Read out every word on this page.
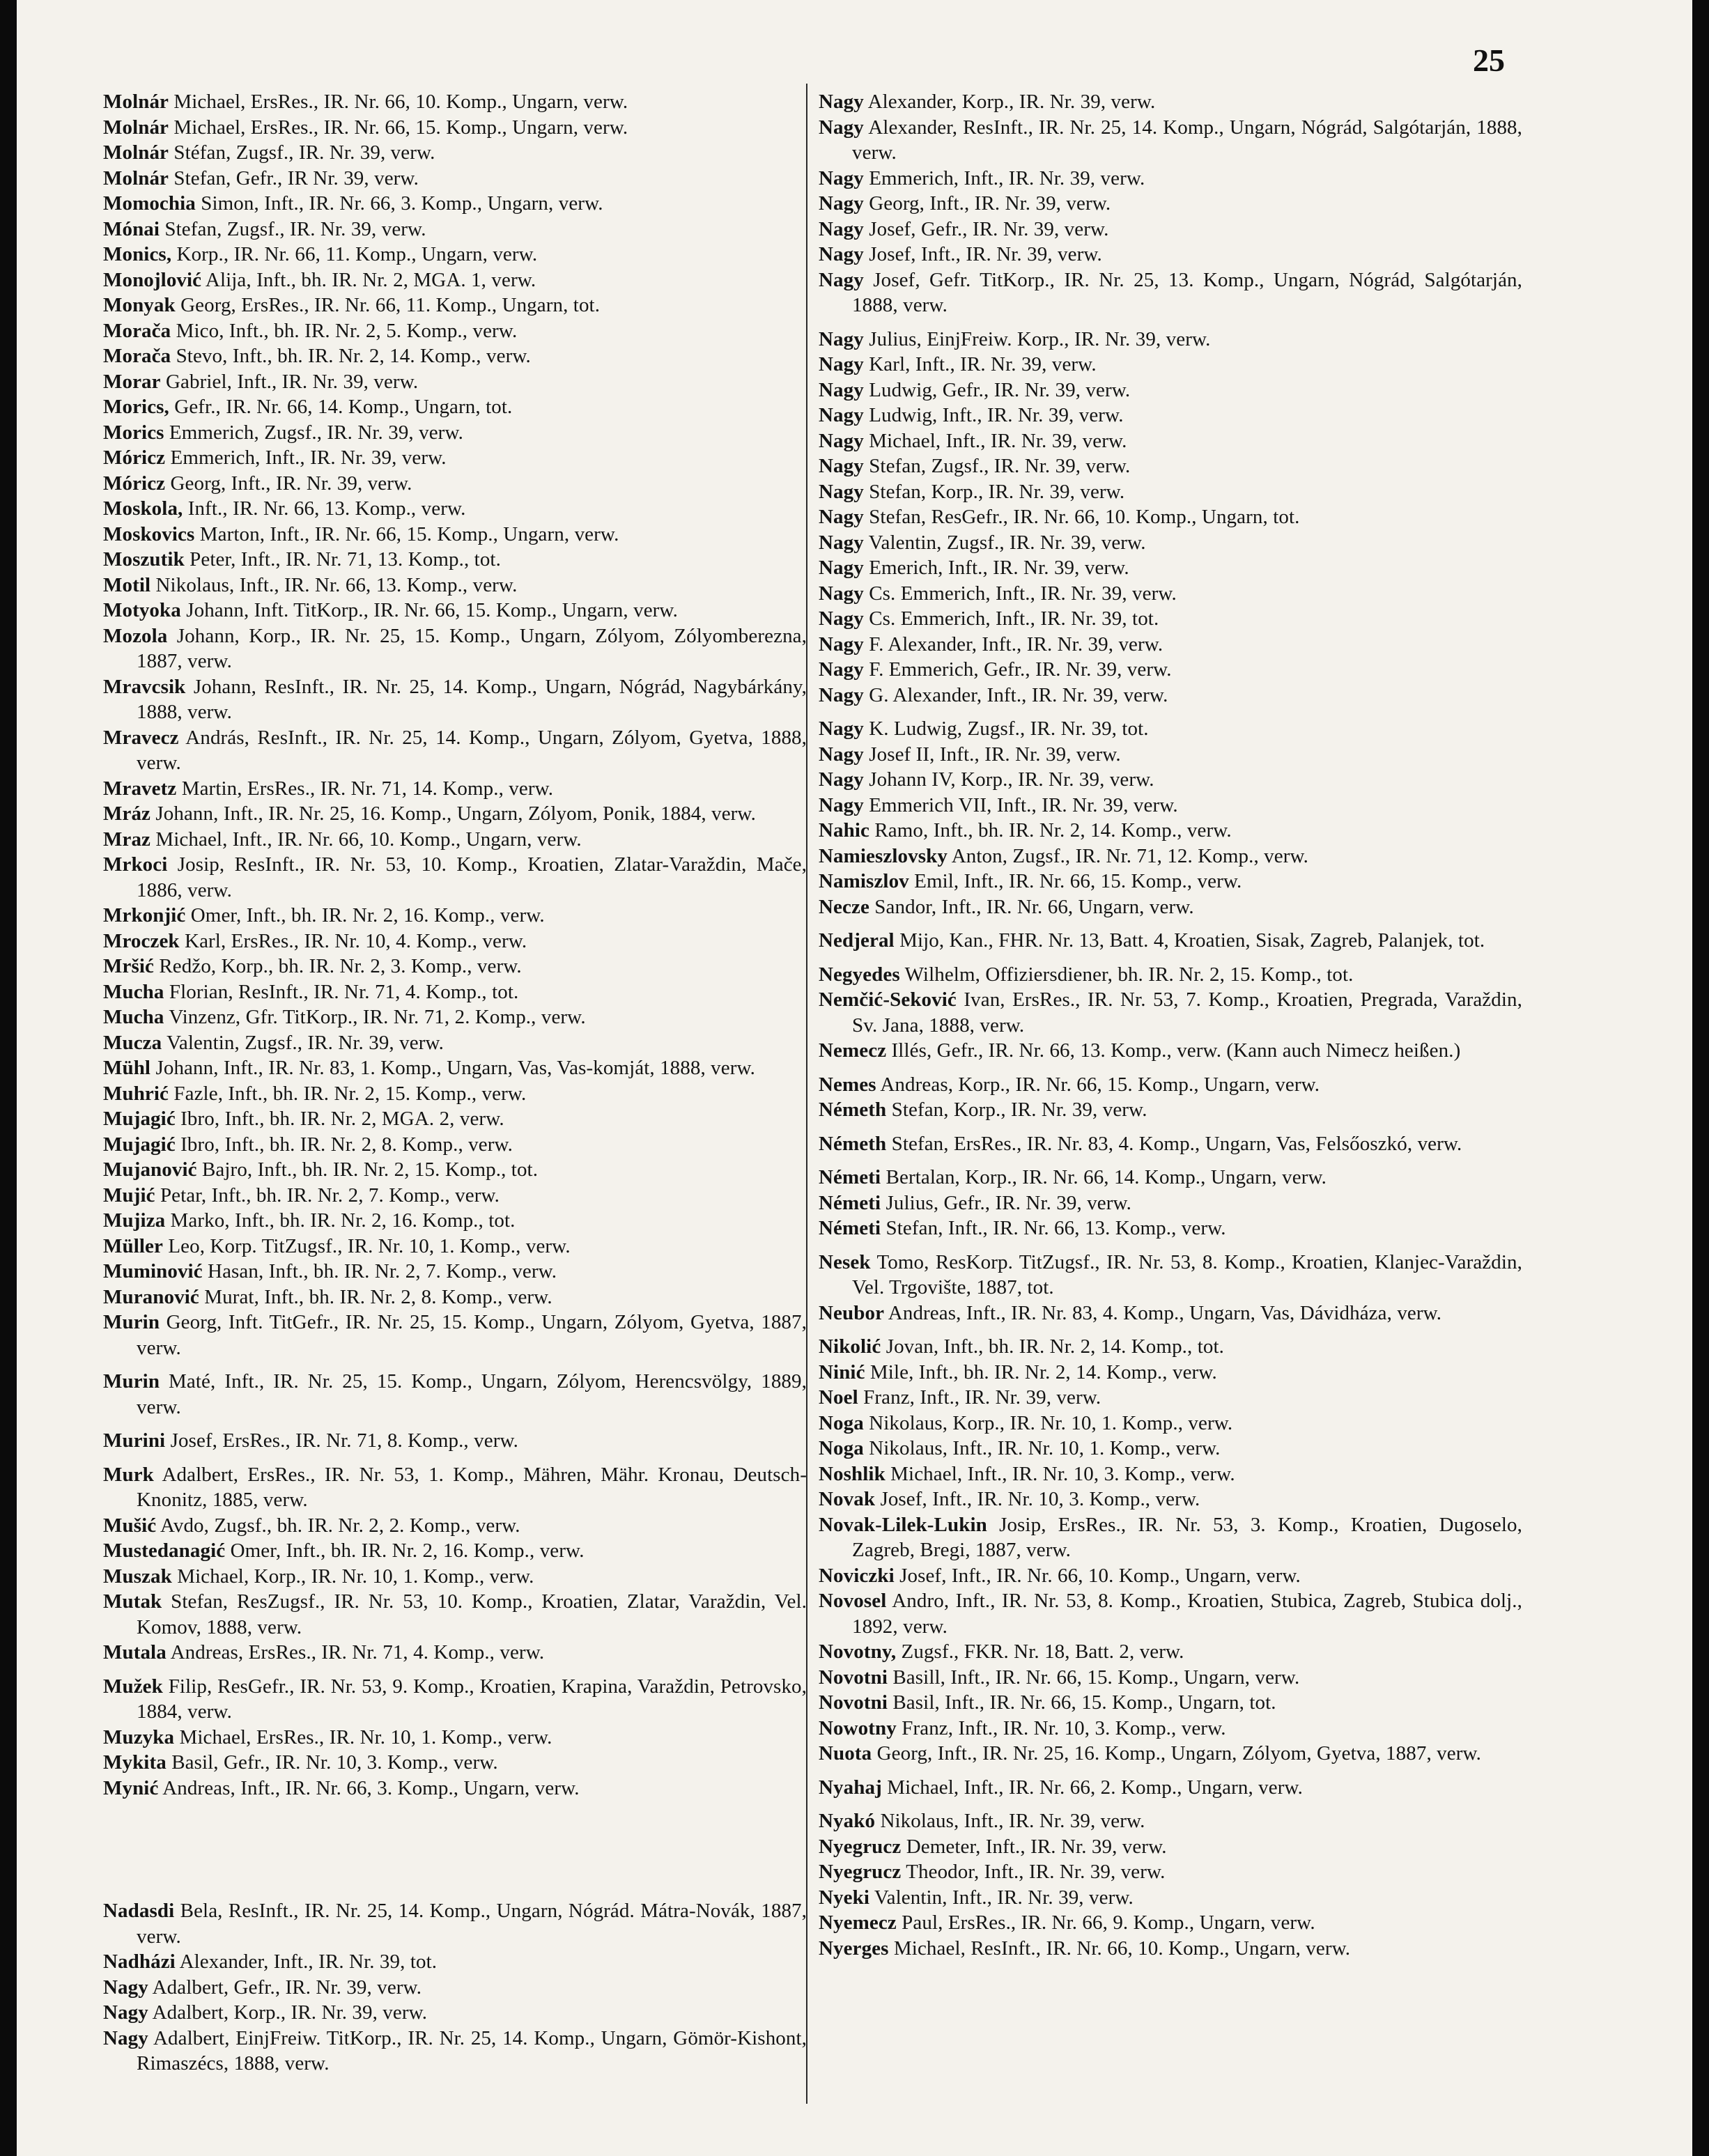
25
Molnár Michael, ErsRes., IR. Nr. 66, 10. Komp., Ungarn, verw.
Molnár Michael, ErsRes., IR. Nr. 66, 15. Komp., Ungarn, verw.
Molnár Stéfan, Zugsf., IR. Nr. 39, verw.
Molnár Stefan, Gefr., IR Nr. 39, verw.
Momochia Simon, Inft., IR. Nr. 66, 3. Komp., Ungarn, verw.
Mónai Stefan, Zugsf., IR. Nr. 39, verw.
Monics, Korp., IR. Nr. 66, 11. Komp., Ungarn, verw.
Monojlović Alija, Inft., bh. IR. Nr. 2, MGA. 1, verw.
Monyak Georg, ErsRes., IR. Nr. 66, 11. Komp., Ungarn, tot.
Morača Mico, Inft., bh. IR. Nr. 2, 5. Komp., verw.
Morača Stevo, Inft., bh. IR. Nr. 2, 14. Komp., verw.
Morar Gabriel, Inft., IR. Nr. 39, verw.
Morics, Gefr., IR. Nr. 66, 14. Komp., Ungarn, tot.
Morics Emmerich, Zugsf., IR. Nr. 39, verw.
Móricz Emmerich, Inft., IR. Nr. 39, verw.
Móricz Georg, Inft., IR. Nr. 39, verw.
Moskola, Inft., IR. Nr. 66, 13. Komp., verw.
Moskovics Marton, Inft., IR. Nr. 66, 15. Komp., Ungarn, verw.
Moszutik Peter, Inft., IR. Nr. 71, 13. Komp., tot.
Motil Nikolaus, Inft., IR. Nr. 66, 13. Komp., verw.
Motyoka Johann, Inft. TitKorp., IR. Nr. 66, 15. Komp., Ungarn, verw.
Mozola Johann, Korp., IR. Nr. 25, 15. Komp., Ungarn, Zólyom, Zólyomberezna, 1887, verw.
Mravcsik Johann, ResInft., IR. Nr. 25, 14. Komp., Ungarn, Nógrád, Nagybárkány, 1888, verw.
Mravecz András, ResInft., IR. Nr. 25, 14. Komp., Ungarn, Zólyom, Gyetva, 1888, verw.
Mravetz Martin, ErsRes., IR. Nr. 71, 14. Komp., verw.
Mráz Johann, Inft., IR. Nr. 25, 16. Komp., Ungarn, Zólyom, Ponik, 1884, verw.
Mraz Michael, Inft., IR. Nr. 66, 10. Komp., Ungarn, verw.
Mrkoci Josip, ResInft., IR. Nr. 53, 10. Komp., Kroatien, Zlatar-Varaždin, Mače, 1886, verw.
Mrkonjić Omer, Inft., bh. IR. Nr. 2, 16. Komp., verw.
Mroczek Karl, ErsRes., IR. Nr. 10, 4. Komp., verw.
Mršić Redžo, Korp., bh. IR. Nr. 2, 3. Komp., verw.
Mucha Florian, ResInft., IR. Nr. 71, 4. Komp., tot.
Mucha Vinzenz, Gfr. TitKorp., IR. Nr. 71, 2. Komp., verw.
Mucza Valentin, Zugsf., IR. Nr. 39, verw.
Mühl Johann, Inft., IR. Nr. 83, 1. Komp., Ungarn, Vas, Vas-komját, 1888, verw.
Muhrić Fazle, Inft., bh. IR. Nr. 2, 15. Komp., verw.
Mujagić Ibro, Inft., bh. IR. Nr. 2, MGA. 2, verw.
Mujagić Ibro, Inft., bh. IR. Nr. 2, 8. Komp., verw.
Mujanović Bajro, Inft., bh. IR. Nr. 2, 15. Komp., tot.
Mujić Petar, Inft., bh. IR. Nr. 2, 7. Komp., verw.
Mujiza Marko, Inft., bh. IR. Nr. 2, 16. Komp., tot.
Müller Leo, Korp. TitZugsf., IR. Nr. 10, 1. Komp., verw.
Muminović Hasan, Inft., bh. IR. Nr. 2, 7. Komp., verw.
Muranović Murat, Inft., bh. IR. Nr. 2, 8. Komp., verw.
Murin Georg, Inft. TitGefr., IR. Nr. 25, 15. Komp., Ungarn, Zólyom, Gyetva, 1887, verw.
Murin Maté, Inft., IR. Nr. 25, 15. Komp., Ungarn, Zólyom, Herencsvölgy, 1889, verw.
Murini Josef, ErsRes., IR. Nr. 71, 8. Komp., verw.
Murk Adalbert, ErsRes., IR. Nr. 53, 1. Komp., Mähren, Mähr. Kronau, Deutsch-Knonitz, 1885, verw.
Mušić Avdo, Zugsf., bh. IR. Nr. 2, 2. Komp., verw.
Mustedanagić Omer, Inft., bh. IR. Nr. 2, 16. Komp., verw.
Muszak Michael, Korp., IR. Nr. 10, 1. Komp., verw.
Mutak Stefan, ResZugsf., IR. Nr. 53, 10. Komp., Kroatien, Zlatar, Varaždin, Vel. Komov, 1888, verw.
Mutala Andreas, ErsRes., IR. Nr. 71, 4. Komp., verw.
Mužek Filip, ResGefr., IR. Nr. 53, 9. Komp., Kroatien, Krapina, Varaždin, Petrovsko, 1884, verw.
Muzyka Michael, ErsRes., IR. Nr. 10, 1. Komp., verw.
Mykita Basil, Gefr., IR. Nr. 10, 3. Komp., verw.
Mynić Andreas, Inft., IR. Nr. 66, 3. Komp., Ungarn, verw.
Nadasdi Bela, ResInft., IR. Nr. 25, 14. Komp., Ungarn, Nógrád. Mátra-Novák, 1887, verw.
Nadházi Alexander, Inft., IR. Nr. 39, tot.
Nagy Adalbert, Gefr., IR. Nr. 39, verw.
Nagy Adalbert, Korp., IR. Nr. 39, verw.
Nagy Adalbert, EinjFreiw. TitKorp., IR. Nr. 25, 14. Komp., Ungarn, Gömör-Kishont, Rimaszécs, 1888, verw.
Nagy Alexander, Korp., IR. Nr. 39, verw.
Nagy Alexander, ResInft., IR. Nr. 25, 14. Komp., Ungarn, Nógrád, Salgótarján, 1888, verw.
Nagy Emmerich, Inft., IR. Nr. 39, verw.
Nagy Georg, Inft., IR. Nr. 39, verw.
Nagy Josef, Gefr., IR. Nr. 39, verw.
Nagy Josef, Inft., IR. Nr. 39, verw.
Nagy Josef, Gefr. TitKorp., IR. Nr. 25, 13. Komp., Ungarn, Nógrád, Salgótarján, 1888, verw.
Nagy Julius, EinjFreiw. Korp., IR. Nr. 39, verw.
Nagy Karl, Inft., IR. Nr. 39, verw.
Nagy Ludwig, Gefr., IR. Nr. 39, verw.
Nagy Ludwig, Inft., IR. Nr. 39, verw.
Nagy Michael, Inft., IR. Nr. 39, verw.
Nagy Stefan, Zugsf., IR. Nr. 39, verw.
Nagy Stefan, Korp., IR. Nr. 39, verw.
Nagy Stefan, ResGefr., IR. Nr. 66, 10. Komp., Ungarn, tot.
Nagy Valentin, Zugsf., IR. Nr. 39, verw.
Nagy Emerich, Inft., IR. Nr. 39, verw.
Nagy Cs. Emmerich, Inft., IR. Nr. 39, verw.
Nagy Cs. Emmerich, Inft., IR. Nr. 39, tot.
Nagy F. Alexander, Inft., IR. Nr. 39, verw.
Nagy F. Emmerich, Gefr., IR. Nr. 39, verw.
Nagy G. Alexander, Inft., IR. Nr. 39, verw.
Nagy K. Ludwig, Zugsf., IR. Nr. 39, tot.
Nagy Josef II, Inft., IR. Nr. 39, verw.
Nagy Johann IV, Korp., IR. Nr. 39, verw.
Nagy Emmerich VII, Inft., IR. Nr. 39, verw.
Nahic Ramo, Inft., bh. IR. Nr. 2, 14. Komp., verw.
Namieszlovsky Anton, Zugsf., IR. Nr. 71, 12. Komp., verw.
Namiszlov Emil, Inft., IR. Nr. 66, 15. Komp., verw.
Necze Sandor, Inft., IR. Nr. 66, Ungarn, verw.
Nedjeral Mijo, Kan., FHR. Nr. 13, Batt. 4, Kroatien, Sisak, Zagreb, Palanjek, tot.
Negyedes Wilhelm, Offiziersdiener, bh. IR. Nr. 2, 15. Komp., tot.
Nemčić-Seković Ivan, ErsRes., IR. Nr. 53, 7. Komp., Kroatien, Pregrada, Varaždin, Sv. Jana, 1888, verw.
Nemecz Illés, Gefr., IR. Nr. 66, 13. Komp., verw. (Kann auch Nimecz heißen.)
Nemes Andreas, Korp., IR. Nr. 66, 15. Komp., Ungarn, verw.
Németh Stefan, Korp., IR. Nr. 39, verw.
Németh Stefan, ErsRes., IR. Nr. 83, 4. Komp., Ungarn, Vas, Felsőoszkó, verw.
Németi Bertalan, Korp., IR. Nr. 66, 14. Komp., Ungarn, verw.
Németi Julius, Gefr., IR. Nr. 39, verw.
Németi Stefan, Inft., IR. Nr. 66, 13. Komp., verw.
Nesek Tomo, ResKorp. TitZugsf., IR. Nr. 53, 8. Komp., Kroatien, Klanjec-Varaždin, Vel. Trgovište, 1887, tot.
Neubor Andreas, Inft., IR. Nr. 83, 4. Komp., Ungarn, Vas, Dávidháza, verw.
Nikolić Jovan, Inft., bh. IR. Nr. 2, 14. Komp., tot.
Ninić Mile, Inft., bh. IR. Nr. 2, 14. Komp., verw.
Noel Franz, Inft., IR. Nr. 39, verw.
Noga Nikolaus, Korp., IR. Nr. 10, 1. Komp., verw.
Noga Nikolaus, Inft., IR. Nr. 10, 1. Komp., verw.
Noshlik Michael, Inft., IR. Nr. 10, 3. Komp., verw.
Novak Josef, Inft., IR. Nr. 10, 3. Komp., verw.
Novak-Lilek-Lukin Josip, ErsRes., IR. Nr. 53, 3. Komp., Kroatien, Dugoselo, Zagreb, Bregi, 1887, verw.
Noviczki Josef, Inft., IR. Nr. 66, 10. Komp., Ungarn, verw.
Novosel Andro, Inft., IR. Nr. 53, 8. Komp., Kroatien, Stubica, Zagreb, Stubica dolj., 1892, verw.
Novotny, Zugsf., FKR. Nr. 18, Batt. 2, verw.
Novotni Basill, Inft., IR. Nr. 66, 15. Komp., Ungarn, verw.
Novotni Basil, Inft., IR. Nr. 66, 15. Komp., Ungarn, tot.
Nowotny Franz, Inft., IR. Nr. 10, 3. Komp., verw.
Nuota Georg, Inft., IR. Nr. 25, 16. Komp., Ungarn, Zólyom, Gyetva, 1887, verw.
Nyahaj Michael, Inft., IR. Nr. 66, 2. Komp., Ungarn, verw.
Nyakó Nikolaus, Inft., IR. Nr. 39, verw.
Nyegrucz Demeter, Inft., IR. Nr. 39, verw.
Nyegrucz Theodor, Inft., IR. Nr. 39, verw.
Nyeki Valentin, Inft., IR. Nr. 39, verw.
Nyemecz Paul, ErsRes., IR. Nr. 66, 9. Komp., Ungarn, verw.
Nyerges Michael, ResInft., IR. Nr. 66, 10. Komp., Ungarn, verw.
